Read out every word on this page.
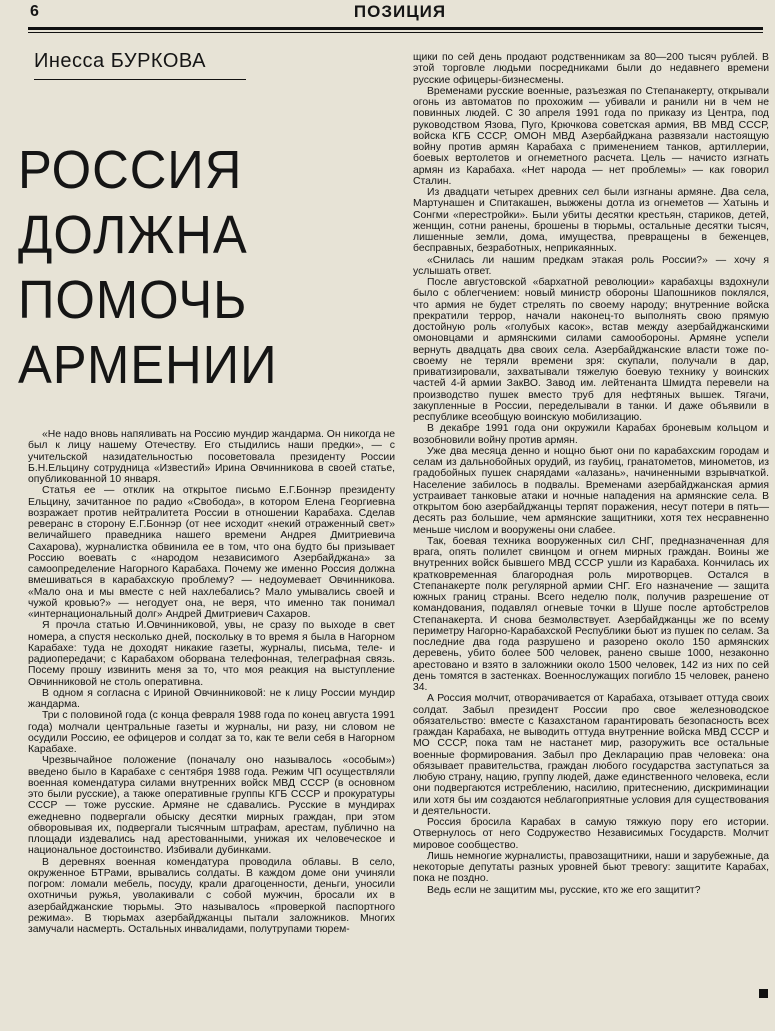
6	ПОЗИЦИЯ
Инесса БУРКОВА
РОССИЯ
ДОЛЖНА
ПОМОЧЬ
АРМЕНИИ

«Не надо вновь напяливать на Россию мундир жандарма. Он никогда не был к лицу нашему Отечеству. Его стыдились наши предки», — с учительской назидательностью посоветовала президенту России Б.Н.Ельцину сотрудница «Известий» Ирина Овчинникова в своей статье, опубликованной 10 января.

Статья ее — отклик на открытое письмо Е.Г.Боннэр президенту Ельцину, зачитанное по радио «Свобода», в котором Елена Георгиевна возражает против нейтралитета России в отношении Карабаха. Сделав реверанс в сторону Е.Г.Боннэр (от нее исходит «некий отраженный свет» величайшего праведника нашего времени Андрея Дмитриевича Сахарова), журналистка обвинила ее в том, что она будто бы призывает Россию воевать с «народом независимого Азербайджана» за самоопределение Нагорного Карабаха. Почему же именно Россия должна вмешиваться в карабахскую проблему? — недоумевает Овчинникова. «Мало она и мы вместе с ней нахлебались? Мало умывались своей и чужой кровью?» — негодует она, не веря, что именно так понимал «интернациональный долг» Андрей Дмитриевич Сахаров.

Я прочла статью И.Овчинниковой, увы, не сразу по выходе в свет номера, а спустя несколько дней, поскольку в то время я была в Нагорном Карабахе: туда не доходят никакие газеты, журналы, письма, теле- и радиопередачи; с Карабахом оборвана телефонная, телеграфная связь. Посему прошу извинить меня за то, что моя реакция на выступление Овчинниковой не столь оперативна.

В одном я согласна с Ириной Овчинниковой: не к лицу России мундир жандарма.

Три с половиной года (с конца февраля 1988 года по конец августа 1991 года) молчали центральные газеты и журналы, ни разу, ни словом не осудили Россию, ее офицеров и солдат за то, как те вели себя в Нагорном Карабахе.

Чрезвычайное положение (поначалу оно называлось «особым») введено было в Карабахе с сентября 1988 года. Режим ЧП осуществляли военная комендатура силами внутренних войск МВД СССР (в основном это были русские), а также оперативные группы КГБ СССР и прокуратуры СССР — тоже русские. Армяне не сдавались. Русские в мундирах ежедневно подвергали обыску десятки мирных граждан, при этом обворовывая их, подвергали тысячным штрафам, арестам, публично на площади издевались над арестованными, унижая их человеческое и национальное достоинство. Избивали дубинками.

В деревнях военная комендатура проводила облавы. В село, окруженное БТРами, врывались солдаты. В каждом доме они учиняли погром: ломали мебель, посуду, крали драгоценности, деньги, уносили охотничьи ружья, уволакивали с собой мужчин, бросали их в азербайджанские тюрьмы. Это называлось «проверкой паспортного режима». В тюрьмах азербайджанцы пытали заложников. Многих замучали насмерть. Остальных инвалидами, полутрупами тюрем-

щики по сей день продают родственникам за 80—200 тысяч рублей. В этой торговле людьми посредниками были до недавнего времени русские офицеры-бизнесмены.

Временами русские военные, разъезжая по Степанакерту, открывали огонь из автоматов по прохожим — убивали и ранили ни в чем не повинных людей. С 30 апреля 1991 года по приказу из Центра, под руководством Язова, Пуго, Крючкова советская армия, ВВ МВД СССР, войска КГБ СССР, ОМОН МВД Азербайджана развязали настоящую войну против армян Карабаха с применением танков, артиллерии, боевых вертолетов и огнеметного расчета. Цель — начисто изгнать армян из Карабаха. «Нет народа — нет проблемы» — как говорил Сталин.

Из двадцати четырех древних сел были изгнаны армяне. Два села, Мартунашен и Спитакашен, выжжены дотла из огнеметов — Хатынь и Сонгми «перестройки». Были убиты десятки крестьян, стариков, детей, женщин, сотни ранены, брошены в тюрьмы, остальные десятки тысяч, лишенные земли, дома, имущества, превращены в беженцев, бесправных, безработных, неприкаянных.

«Снилась ли нашим предкам этакая роль России?» — хочу я услышать ответ.

После августовской «бархатной революции» карабахцы вздохнули было с облегчением: новый министр обороны Шапошников поклялся, что армия не будет стрелять по своему народу; внутренние войска прекратили террор, начали наконец-то выполнять свою прямую достойную роль «голубых касок», встав между азербайджанскими омоновцами и армянскими силами самообороны. Армяне успели вернуть двадцать два своих села. Азербайджанские власти тоже по-своему не теряли времени зря: скупали, получали в дар, приватизировали, захватывали тяжелую боевую технику у воинских частей 4-й армии ЗакВО. Завод им. лейтенанта Шмидта перевели на производство пушек вместо труб для нефтяных вышек. Тягачи, закупленные в России, переделывали в танки. И даже объявили в республике всеобщую воинскую мобилизацию.

В декабре 1991 года они окружили Карабах броневым кольцом и возобновили войну против армян.

Уже два месяца денно и нощно бьют они по карабахским городам и селам из дальнобойных орудий, из гаубиц, гранатометов, минометов, из градобойных пушек снарядами «алазань», начиненными взрывчаткой. Население забилось в подвалы. Временами азербайджанская армия устраивает танковые атаки и ночные нападения на армянские села. В открытом бою азербайджанцы терпят поражения, несут потери в пять—десять раз большие, чем армянские защитники, хотя тех несравненно меньше числом и вооружены они слабее.

Так, боевая техника вооруженных сил СНГ, предназначенная для врага, опять полилет свинцом и огнем мирных граждан. Воины же внутренних войск бывшего МВД СССР ушли из Карабаха. Кончилась их кратковременная благородная роль миротворцев. Остался в Степанакерте полк регулярной армии СНГ. Его назначение — защита южных границ страны. Всего неделю полк, получив разрешение от командования, подавлял огневые точки в Шуше после артобстрелов Степанакерта. И снова безмолвствует. Азербайджанцы же по всему периметру Нагорно-Карабахской Республики бьют из пушек по селам. За последние два года разрушено и разорено около 150 армянских деревень, убито более 500 человек, ранено свыше 1000, незаконно арестовано и взято в заложники около 1500 человек, 142 из них по сей день томятся в застенках. Военнослужащих погибло 15 человек, ранено 34.

А Россия молчит, отворачивается от Карабаха, отзывает оттуда своих солдат. Забыл президент России про свое железноводское обязательство: вместе с Казахстаном гарантировать безопасность всех граждан Карабаха, не выводить оттуда внутренние войска МВД СССР и МО СССР, пока там не настанет мир, разоружить все остальные военные формирования. Забыл про Декларацию прав человека: она обязывает правительства, граждан любого государства заступаться за любую страну, нацию, группу людей, даже единственного человека, если они подвергаются истреблению, насилию, притеснению, дискриминации или хотя бы им создаются неблагоприятные условия для существования и деятельности.

Россия бросила Карабах в самую тяжкую пору его истории. Отвернулось от него Содружество Независимых Государств. Молчит мировое сообщество.

Лишь немногие журналисты, правозащитники, наши и зарубежные, да некоторые депутаты разных уровней бьют тревогу: защитите Карабах, пока не поздно.

Ведь если не защитим мы, русские, кто же его защитит?
